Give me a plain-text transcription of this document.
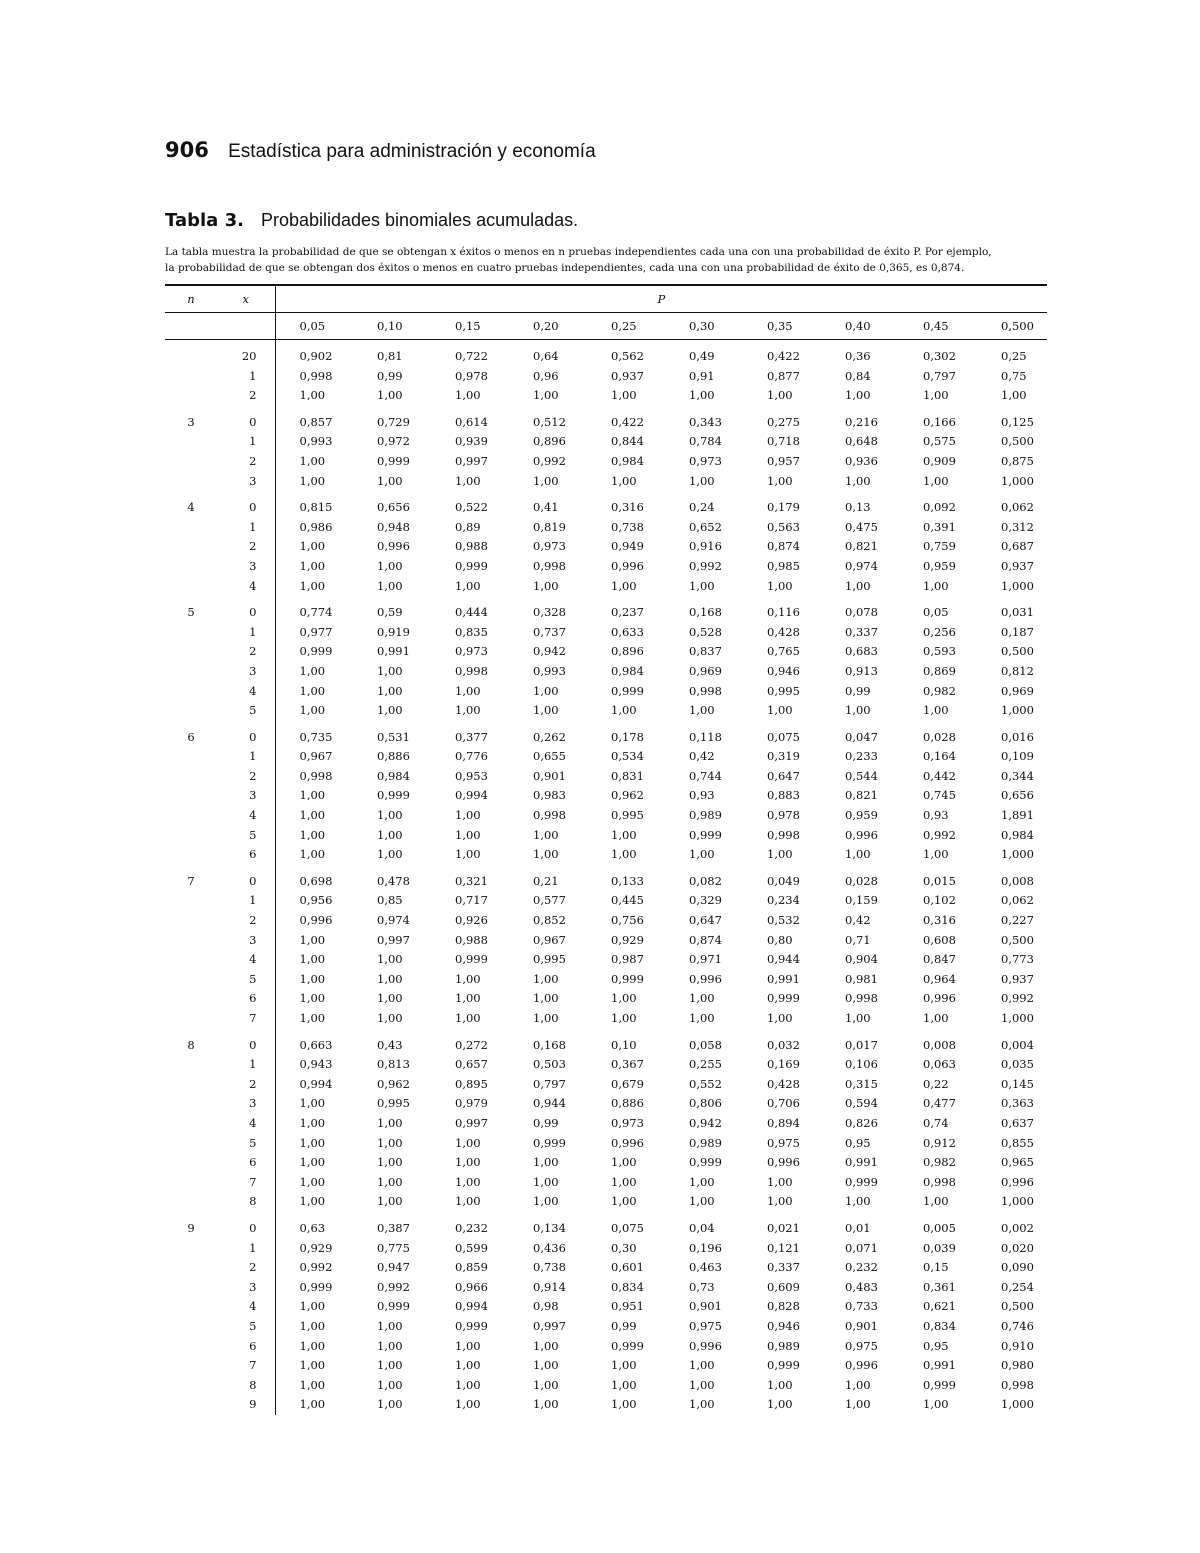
906 Estadística para administración y economía
Tabla 3. Probabilidades binomiales acumuladas.

La tabla muestra la probabilidad de que se obtengan x éxitos o menos en n pruebas independientes cada una con una probabilidad de éxito P. Por ejemplo,

la probabilidad de que se obtengan dos éxitos o menos en cuatro pruebas independientes, cada una con una probabilidad de éxito de 0,365, es 0,874.

n	x	P									
		0,05	0,10	0,15	0,20	0,25	0,30	0,35	0,40	0,45	0,500
	20	0,902	0,81	0,722	0,64	0,562	0,49	0,422	0,36	0,302	0,25
	1	0,998	0,99	0,978	0,96	0,937	0,91	0,877	0,84	0,797	0,75
	2	1,00	1,00	1,00	1,00	1,00	1,00	1,00	1,00	1,00	1,00
3	0	0,857	0,729	0,614	0,512	0,422	0,343	0,275	0,216	0,166	0,125
	1	0,993	0,972	0,939	0,896	0,844	0,784	0,718	0,648	0,575	0,500
	2	1,00	0,999	0,997	0,992	0,984	0,973	0,957	0,936	0,909	0,875
	3	1,00	1,00	1,00	1,00	1,00	1,00	1,00	1,00	1,00	1,000
4	0	0,815	0,656	0,522	0,41	0,316	0,24	0,179	0,13	0,092	0,062
	1	0,986	0,948	0,89	0,819	0,738	0,652	0,563	0,475	0,391	0,312
	2	1,00	0,996	0,988	0,973	0,949	0,916	0,874	0,821	0,759	0,687
	3	1,00	1,00	0,999	0,998	0,996	0,992	0,985	0,974	0,959	0,937
	4	1,00	1,00	1,00	1,00	1,00	1,00	1,00	1,00	1,00	1,000
5	0	0,774	0,59	0,444	0,328	0,237	0,168	0,116	0,078	0,05	0,031
	1	0,977	0,919	0,835	0,737	0,633	0,528	0,428	0,337	0,256	0,187
	2	0,999	0,991	0,973	0,942	0,896	0,837	0,765	0,683	0,593	0,500
	3	1,00	1,00	0,998	0,993	0,984	0,969	0,946	0,913	0,869	0,812
	4	1,00	1,00	1,00	1,00	0,999	0,998	0,995	0,99	0,982	0,969
	5	1,00	1,00	1,00	1,00	1,00	1,00	1,00	1,00	1,00	1,000
6	0	0,735	0,531	0,377	0,262	0,178	0,118	0,075	0,047	0,028	0,016
	1	0,967	0,886	0,776	0,655	0,534	0,42	0,319	0,233	0,164	0,109
	2	0,998	0,984	0,953	0,901	0,831	0,744	0,647	0,544	0,442	0,344
	3	1,00	0,999	0,994	0,983	0,962	0,93	0,883	0,821	0,745	0,656
	4	1,00	1,00	1,00	0,998	0,995	0,989	0,978	0,959	0,93	1,891
	5	1,00	1,00	1,00	1,00	1,00	0,999	0,998	0,996	0,992	0,984
	6	1,00	1,00	1,00	1,00	1,00	1,00	1,00	1,00	1,00	1,000
7	0	0,698	0,478	0,321	0,21	0,133	0,082	0,049	0,028	0,015	0,008
	1	0,956	0,85	0,717	0,577	0,445	0,329	0,234	0,159	0,102	0,062
	2	0,996	0,974	0,926	0,852	0,756	0,647	0,532	0,42	0,316	0,227
	3	1,00	0,997	0,988	0,967	0,929	0,874	0,80	0,71	0,608	0,500
	4	1,00	1,00	0,999	0,995	0,987	0,971	0,944	0,904	0,847	0,773
	5	1,00	1,00	1,00	1,00	0,999	0,996	0,991	0,981	0,964	0,937
	6	1,00	1,00	1,00	1,00	1,00	1,00	0,999	0,998	0,996	0,992
	7	1,00	1,00	1,00	1,00	1,00	1,00	1,00	1,00	1,00	1,000
8	0	0,663	0,43	0,272	0,168	0,10	0,058	0,032	0,017	0,008	0,004
	1	0,943	0,813	0,657	0,503	0,367	0,255	0,169	0,106	0,063	0,035
	2	0,994	0,962	0,895	0,797	0,679	0,552	0,428	0,315	0,22	0,145
	3	1,00	0,995	0,979	0,944	0,886	0,806	0,706	0,594	0,477	0,363
	4	1,00	1,00	0,997	0,99	0,973	0,942	0,894	0,826	0,74	0,637
	5	1,00	1,00	1,00	0,999	0,996	0,989	0,975	0,95	0,912	0,855
	6	1,00	1,00	1,00	1,00	1,00	0,999	0,996	0,991	0,982	0,965
	7	1,00	1,00	1,00	1,00	1,00	1,00	1,00	0,999	0,998	0,996
	8	1,00	1,00	1,00	1,00	1,00	1,00	1,00	1,00	1,00	1,000
9	0	0,63	0,387	0,232	0,134	0,075	0,04	0,021	0,01	0,005	0,002
	1	0,929	0,775	0,599	0,436	0,30	0,196	0,121	0,071	0,039	0,020
	2	0,992	0,947	0,859	0,738	0,601	0,463	0,337	0,232	0,15	0,090
	3	0,999	0,992	0,966	0,914	0,834	0,73	0,609	0,483	0,361	0,254
	4	1,00	0,999	0,994	0,98	0,951	0,901	0,828	0,733	0,621	0,500
	5	1,00	1,00	0,999	0,997	0,99	0,975	0,946	0,901	0,834	0,746
	6	1,00	1,00	1,00	1,00	0,999	0,996	0,989	0,975	0,95	0,910
	7	1,00	1,00	1,00	1,00	1,00	1,00	0,999	0,996	0,991	0,980
	8	1,00	1,00	1,00	1,00	1,00	1,00	1,00	1,00	0,999	0,998
	9	1,00	1,00	1,00	1,00	1,00	1,00	1,00	1,00	1,00	1,000
